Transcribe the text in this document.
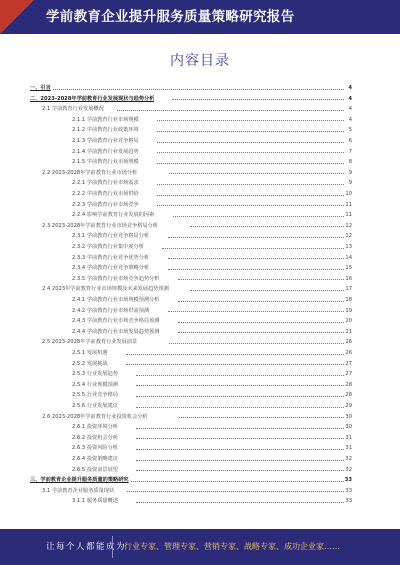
学前教育企业提升服务质量策略研究报告
内容目录
一、引言	4
二、2023-2028年学前教育行业发展现状与趋势分析	4
2.1 学前教育行业发展概况	4
2.1.1 学前教育行业市场规模	4
2.1.2 学前教育行业政策环境	5
2.1.3 学前教育行业竞争格局	6
2.1.4 学前教育行业发展趋势	7
2.1.5 学前教育行业市场规模	8
2.2 2023-2028年学前教育行业市场分析	9
2.2.1 学前教育行业市场需求	9
2.2.2 学前教育行业市场供给	10
2.2.3 学前教育行业市场竞争	11
2.2.4 影响学前教育行业发展的因素	11
2.3 2023-2028年学前教育行业市场竞争格局分析	12
2.3.1 学前教育行业竞争格局分析	12
2.3.2 学前教育行业集中度分析	13
2.3.3 学前教育行业竞争优势分析	14
2.3.4 学前教育行业竞争策略分析	15
2.3.5 学前教育行业市场竞争趋势分析	16
2.4 2023年学前教育行业市场规模及未来发展趋势预测	17
2.4.1 学前教育行业市场规模预测分析	18
2.4.2 学前教育行业市场供需预测	19
2.4.3 学前教育行业市场竞争格局预测	20
2.4.4 学前教育行业市场发展趋势预测	21
2.5 2023-2028年学前教育行业发展前景	26
2.5.1 发展机遇	26
2.5.2 发展挑战	27
2.5.3 行业发展趋势	27
2.5.4 行业规模预测	28
2.5.5 行业竞争格局	28
2.5.6 行业发展建议	29
2.6 2023-2028年学前教育行业投资机会分析	30
2.6.1 投资环境分析	30
2.6.2 投资机会分析	31
2.6.3 投资风险分析	31
2.6.4 投资策略建议	32
2.6.5 投资前景展望	32
三、学前教育企业提升服务质量的策略研究	33
3.1 学前教育企业服务质量现状	33
3.1.1 服务质量概述	33
让每个人都能成为
行业专家、管理专家、营销专家、战略专家、成功企业家……
